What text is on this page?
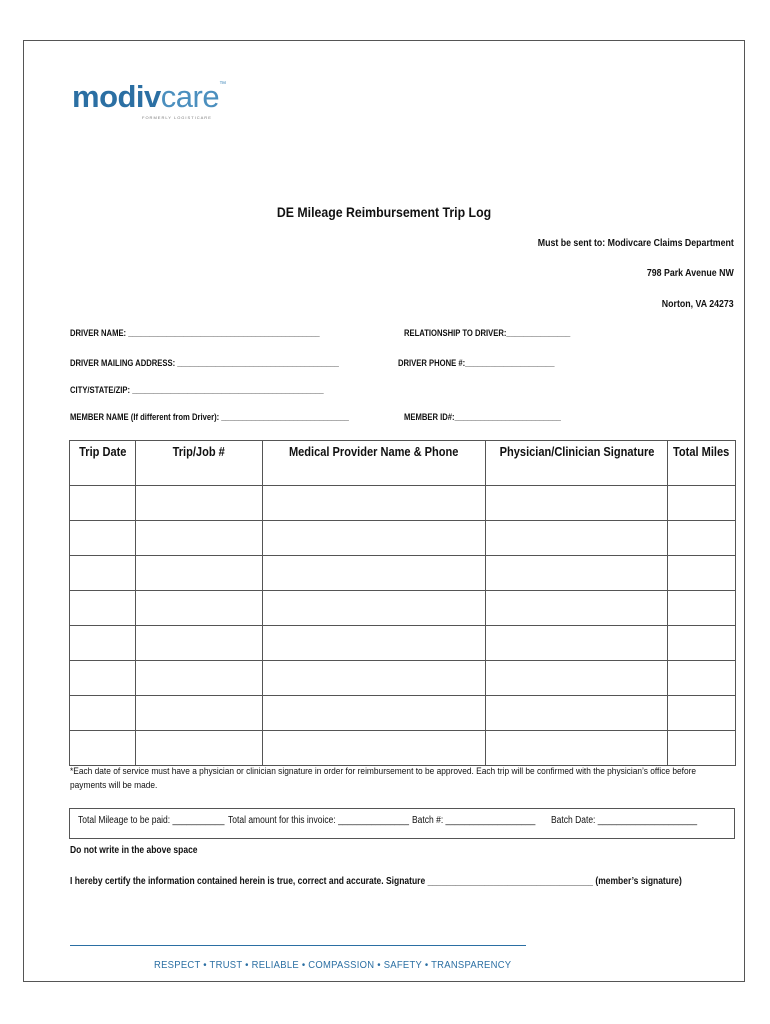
modivcare™
FORMERLY LOGISTICARE
DE Mileage Reimbursement Trip Log
Must be sent to: Modivcare Claims Department
798 Park Avenue NW
Norton, VA 24273
DRIVER NAME: _____________________________________________	RELATIONSHIP TO DRIVER:_______________
DRIVER MAILING ADDRESS: ______________________________________	DRIVER PHONE #:_____________________
CITY/STATE/ZIP: _____________________________________________
MEMBER NAME (If different from Driver): ______________________________	MEMBER ID#:_________________________
Trip Date	Trip/Job #	Medical Provider Name & Phone	Physician/Clinician Signature	Total Miles

*Each date of service must have a physician or clinician signature in order for reimbursement to be approved. Each trip will be confirmed with the physician’s office before payments will be made.
Total Mileage to be paid: ___________ Total amount for this invoice: _______________ Batch #: ___________________ Batch Date: _____________________
Do not write in the above space
I hereby certify the information contained herein is true, correct and accurate. Signature ___________________________________ (member’s signature)
RESPECT • TRUST • RELIABLE • COMPASSION • SAFETY • TRANSPARENCY
